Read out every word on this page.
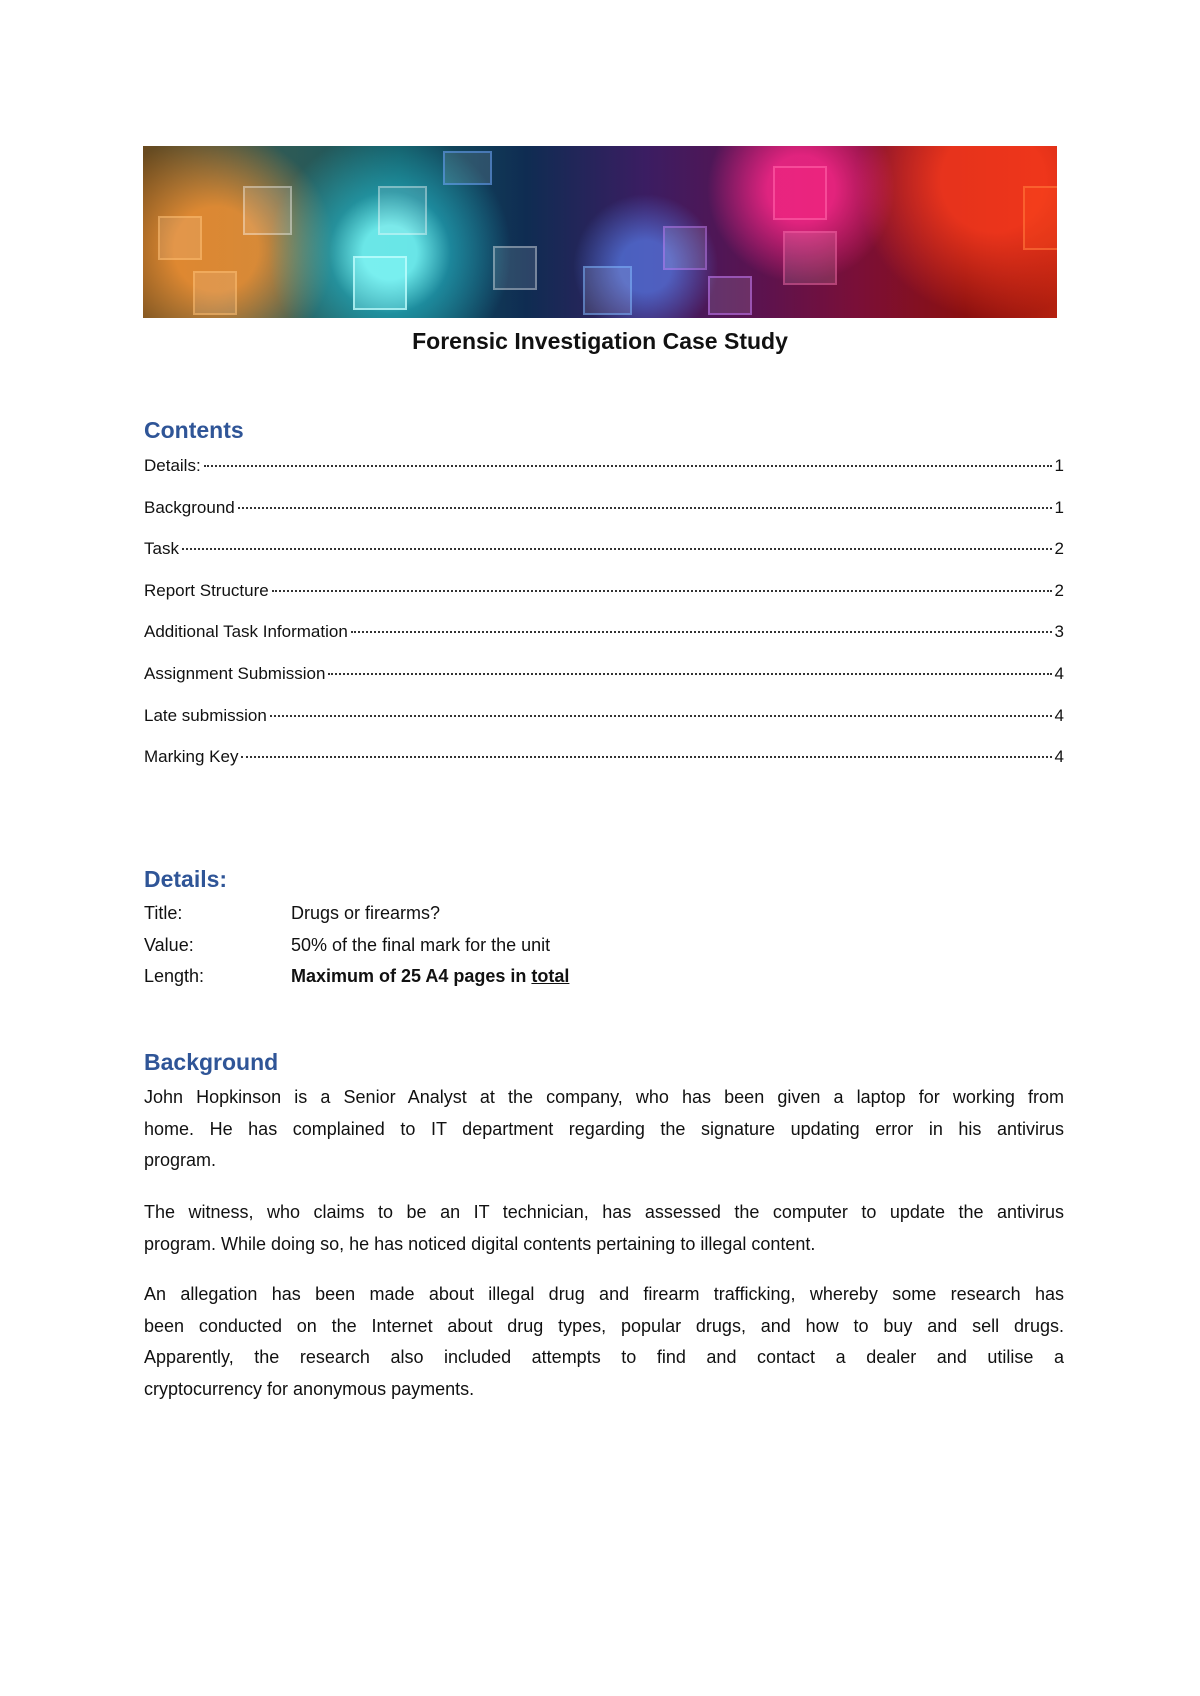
Forensic Investigation Case Study
Contents
Details:	1
Background	1
Task	2
Report Structure	2
Additional Task Information	3
Assignment Submission	4
Late submission	4
Marking Key	4
Details:
Title:	Drugs or firearms?
Value:	50% of the final mark for the unit
Length:	Maximum of 25 A4 pages in total
Background
John Hopkinson is a Senior Analyst at the company, who has been given a laptop for working from
home. He has complained to IT department regarding the signature updating error in his antivirus
program.
The witness, who claims to be an IT technician, has assessed the computer to update the antivirus
program. While doing so, he has noticed digital contents pertaining to illegal content.
An allegation has been made about illegal drug and firearm trafficking, whereby some research has
been conducted on the Internet about drug types, popular drugs, and how to buy and sell drugs.
Apparently, the research also included attempts to find and contact a dealer and utilise a
cryptocurrency for anonymous payments.
